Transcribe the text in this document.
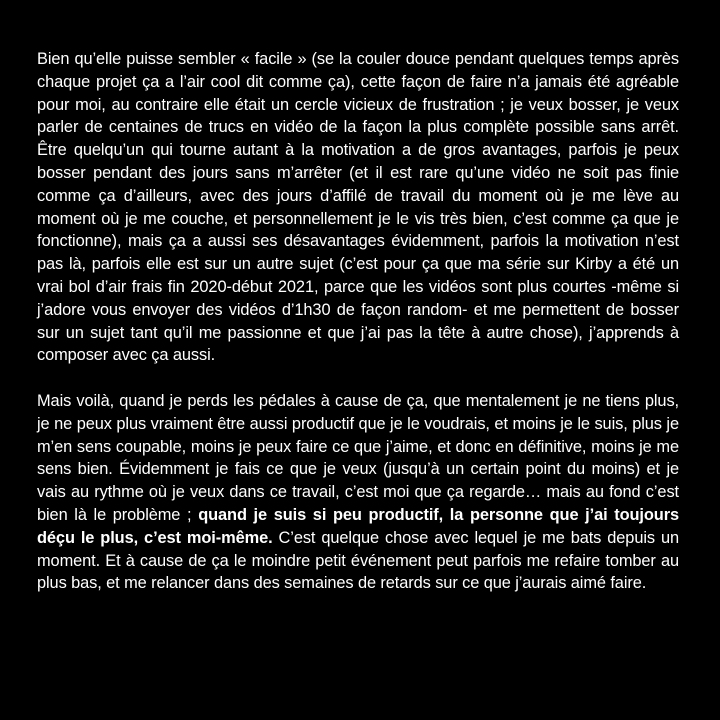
Bien qu’elle puisse sembler « facile » (se la couler douce pendant quelques temps après chaque projet ça a l’air cool dit comme ça), cette façon de faire n’a jamais été agréable pour moi, au contraire elle était un cercle vicieux de frustration ; je veux bosser, je veux parler de centaines de trucs en vidéo de la façon la plus complète possible sans arrêt. Être quelqu’un qui tourne autant à la motivation a de gros avantages, parfois je peux bosser pendant des jours sans m’arrêter (et il est rare qu’une vidéo ne soit pas finie comme ça d’ailleurs, avec des jours d’affilé de travail du moment où je me lève au moment où je me couche, et personnellement je le vis très bien, c’est comme ça que je fonctionne), mais ça a aussi ses désavantages évidemment, parfois la motivation n’est pas là, parfois elle est sur un autre sujet (c’est pour ça que ma série sur Kirby a été un vrai bol d’air frais fin 2020-début 2021, parce que les vidéos sont plus courtes -même si j’adore vous envoyer des vidéos d’1h30 de façon random- et me permettent de bosser sur un sujet tant qu’il me passionne et que j’ai pas la tête à autre chose), j’apprends à composer avec ça aussi.

Mais voilà, quand je perds les pédales à cause de ça, que mentalement je ne tiens plus, je ne peux plus vraiment être aussi productif que je le voudrais, et moins je le suis, plus je m’en sens coupable, moins je peux faire ce que j’aime, et donc en définitive, moins je me sens bien. Évidemment je fais ce que je veux (jusqu’à un certain point du moins) et je vais au rythme où je veux dans ce travail, c’est moi que ça regarde… mais au fond c’est bien là le problème ; quand je suis si peu productif, la personne que j’ai toujours déçu le plus, c’est moi-même. C’est quelque chose avec lequel je me bats depuis un moment. Et à cause de ça le moindre petit événement peut parfois me refaire tomber au plus bas, et me relancer dans des semaines de retards sur ce que j’aurais aimé faire.
